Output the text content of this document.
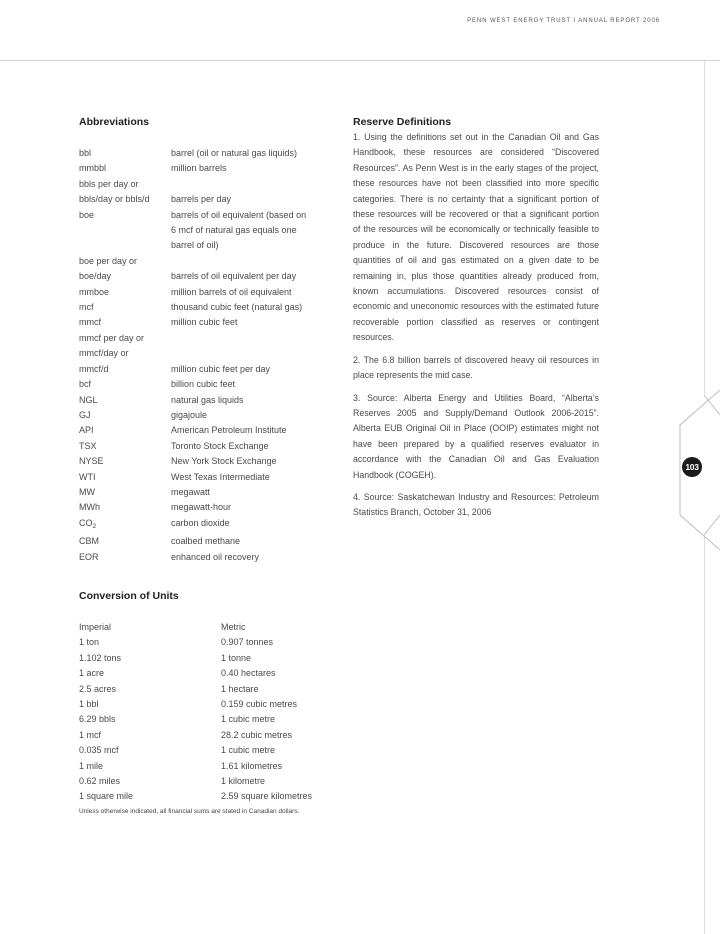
PENN WEST ENERGY TRUST I ANNUAL REPORT 2006
103
Abbreviations
bbl	barrel (oil or natural gas liquids)
mmbbl	million barrels
bbls per day or
bbls/day or bbls/d	barrels per day
boe	barrels of oil equivalent (based on
6 mcf of natural gas equals one
barrel of oil)
boe per day or
boe/day	barrels of oil equivalent per day
mmboe	million barrels of oil equivalent
mcf	thousand cubic feet (natural gas)
mmcf	million cubic feet
mmcf per day or
mmcf/day or
mmcf/d	million cubic feet per day
bcf	billion cubic feet
NGL	natural gas liquids
GJ	gigajoule
API	American Petroleum Institute
TSX	Toronto Stock Exchange
NYSE	New York Stock Exchange
WTI	West Texas Intermediate
MW	megawatt
MWh	megawatt-hour
$CO_2$	carbon dioxide
CBM	coalbed methane
EOR	enhanced oil recovery
Reserve Definitions

1. Using the definitions set out in the Canadian Oil and Gas Handbook, these resources are considered “Discovered Resources”. As Penn West is in the early stages of the project, these resources have not been classified into more specific categories. There is no certainty that a significant portion of these resources will be recovered or that a significant portion of the resources will be economically or technically feasible to produce in the future. Discovered resources are those quantities of oil and gas estimated on a given date to be remaining in, plus those quantities already produced from, known accumulations. Discovered resources consist of economic and uneconomic resources with the estimated future recoverable portion classified as reserves or contingent resources.

2. The 6.8 billion barrels of discovered heavy oil resources in place represents the mid case.

3. Source: Alberta Energy and Utilities Board, “Alberta’s Reserves 2005 and Supply/Demand Outlook 2006-2015”. Alberta EUB Original Oil in Place (OOIP) estimates might not have been prepared by a qualified reserves evaluator in accordance with the Canadian Oil and Gas Evaluation Handbook (COGEH).

4. Source: Saskatchewan Industry and Resources: Petroleum Statistics Branch, October 31, 2006

Conversion of Units
Imperial	Metric
1 ton	0.907 tonnes
1.102 tons	1 tonne
1 acre	0.40 hectares
2.5 acres	1 hectare
1 bbl	0.159 cubic metres
6.29 bbls	1 cubic metre
1 mcf	28.2 cubic metres
0.035 mcf	1 cubic metre
1 mile	1.61 kilometres
0.62 miles	1 kilometre
1 square mile	2.59 square kilometres
Unless otherwise indicated, all financial sums are stated in Canadian dollars.
